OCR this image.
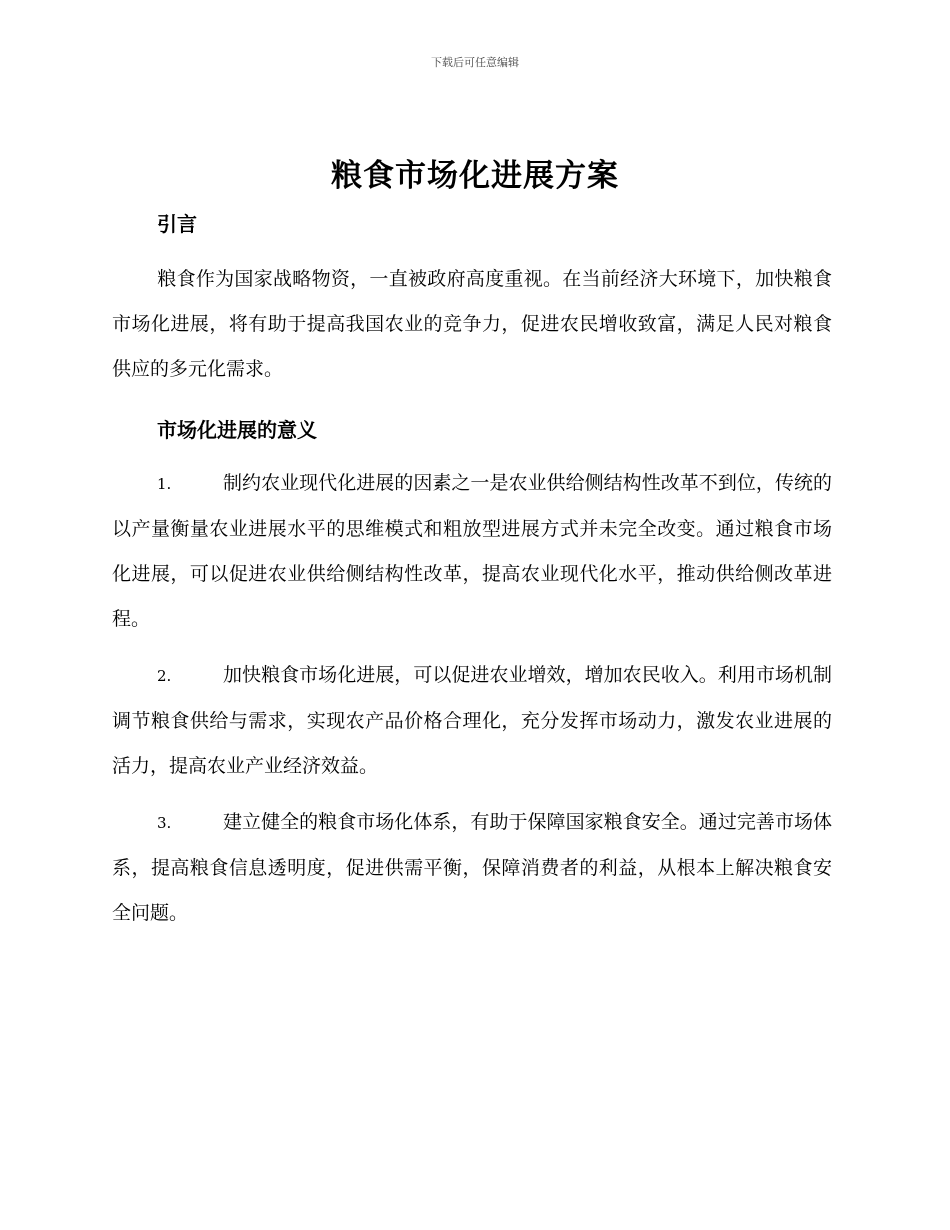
下载后可任意编辑
粮食市场化进展方案
引言
粮食作为国家战略物资，一直被政府高度重视。在当前经济大环境下，加快粮食市场化进展，将有助于提高我国农业的竞争力，促进农民增收致富，满足人民对粮食供应的多元化需求。
市场化进展的意义
1.	制约农业现代化进展的因素之一是农业供给侧结构性改革不到位，传统的以产量衡量农业进展水平的思维模式和粗放型进展方式并未完全改变。通过粮食市场化进展，可以促进农业供给侧结构性改革，提高农业现代化水平，推动供给侧改革进程。
2.	加快粮食市场化进展，可以促进农业增效，增加农民收入。利用市场机制调节粮食供给与需求，实现农产品价格合理化，充分发挥市场动力，激发农业进展的活力，提高农业产业经济效益。
3.	建立健全的粮食市场化体系，有助于保障国家粮食安全。通过完善市场体系，提高粮食信息透明度，促进供需平衡，保障消费者的利益，从根本上解决粮食安全问题。
